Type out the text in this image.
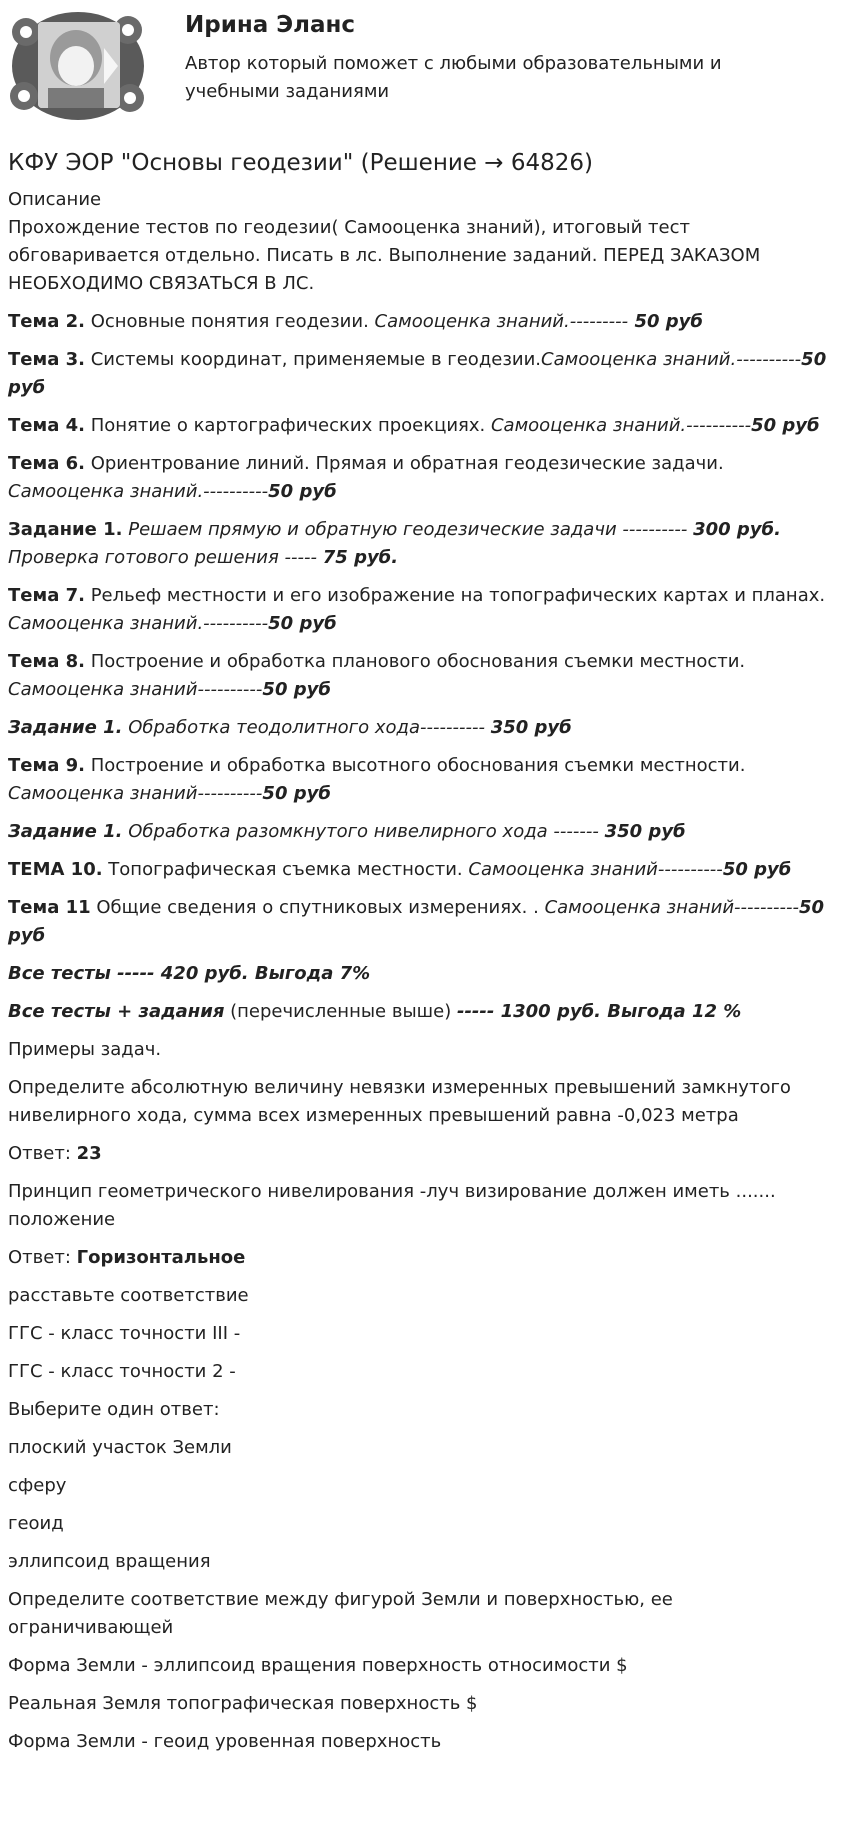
Ирина Эланс
Автор который поможет с любыми образовательными и учебными заданиями
КФУ ЭОР "Основы геодезии" (Решение → 64826)

Описание

Прохождение тестов по геодезии( Самооценка знаний), итоговый тест обговаривается отдельно. Писать в лс. Выполнение заданий. ПЕРЕД ЗАКАЗОМ НЕОБХОДИМО СВЯЗАТЬСЯ В ЛС.

Тема 2. Основные понятия геодезии. Самооценка знаний.--------- 50 руб

Тема 3. Системы координат, применяемые в геодезии.Самооценка знаний.----------50 руб

Тема 4. Понятие о картографических проекциях. Самооценка знаний.----------50 руб

Тема 6. Ориентрование линий. Прямая и обратная геодезические задачи. Самооценка знаний.----------50 руб

Задание 1. Решаем прямую и обратную геодезические задачи ---------- 300 руб. Проверка готового решения ----- 75 руб.

Тема 7. Рельеф местности и его изображение на топографических картах и планах. Самооценка знаний.----------50 руб

Тема 8. Построение и обработка планового обоснования съемки местности. Самооценка знаний----------50 руб

Задание 1. Обработка теодолитного хода---------- 350 руб

Тема 9. Построение и обработка высотного обоснования съемки местности. Самооценка знаний----------50 руб

Задание 1. Обработка разомкнутого нивелирного хода ------- 350 руб

ТЕМА 10. Топографическая съемка местности. Самооценка знаний----------50 руб

Тема 11 Общие сведения о спутниковых измерениях. . Самооценка знаний----------50 руб

Все тесты ----- 420 руб. Выгода 7%

Все тесты + задания (перечисленные выше) ----- 1300 руб. Выгода 12 %

Примеры задач.

Определите абсолютную величину невязки измеренных превышений замкнутого нивелирного хода, сумма всех измеренных превышений равна -0,023 метра

Ответ: 23

Принцип геометрического нивелирования -луч визирование должен иметь ....... положение

Ответ: Горизонтальное

расставьте соответствие

ГГС - класс точности III -

ГГС - класс точности 2 -

Выберите один ответ:

плоский участок Земли

сферу

геоид

эллипсоид вращения

Определите соответствие между фигурой Земли и поверхностью, ее ограничивающей

Форма Земли - эллипсоид вращения поверхность относимости $

Реальная Земля топографическая поверхность $

Форма Земли - геоид уровенная поверхность
